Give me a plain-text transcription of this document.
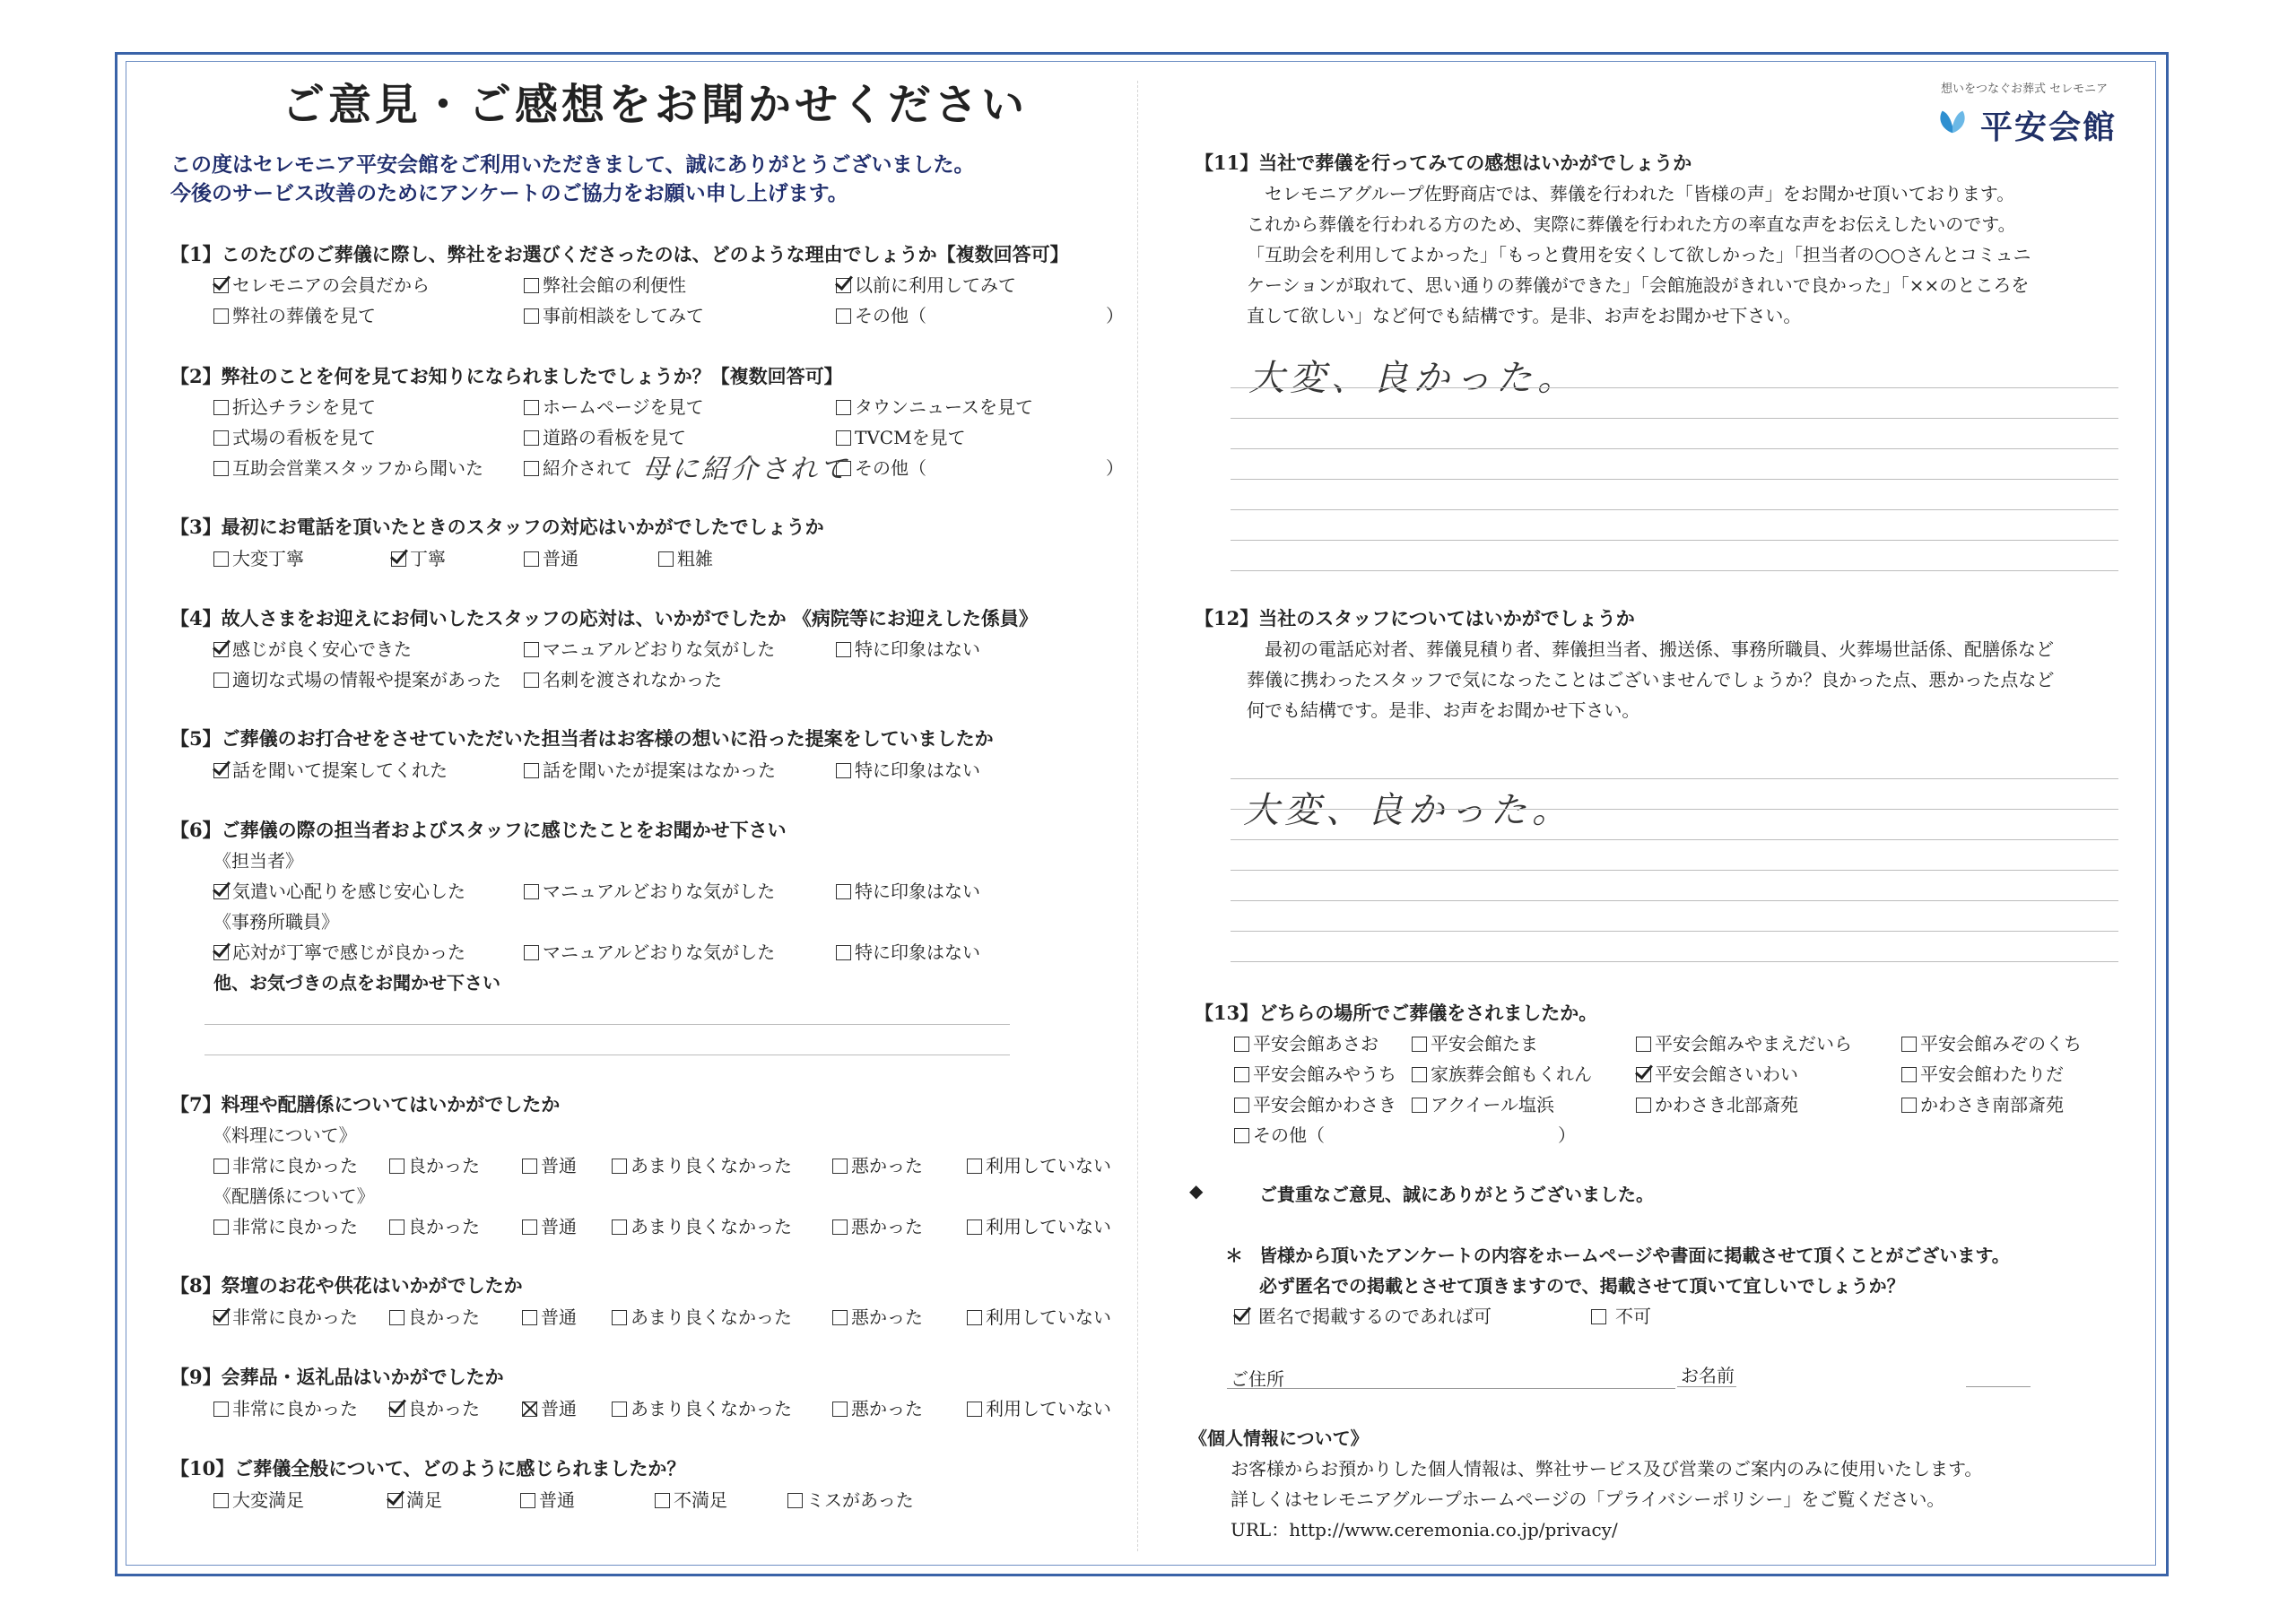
ご意見・ご感想をお聞かせください
この度はセレモニア平安会館をご利用いただきまして、誠にありがとうございました。
今後のサービス改善のためにアンケートのご協力をお願い申し上げます。
想いをつなぐお葬式 セレモニア
平安会館
【1】このたびのご葬儀に際し、弊社をお選びくださったのは、どのような理由でしょうか【複数回答可】
セレモニアの会員だから	弊社会館の利便性	以前に利用してみて
弊社の葬儀を見て	事前相談をしてみて	その他（　　　　　　　　　　）
【2】弊社のことを何を見てお知りになられましたでしょうか？【複数回答可】
折込チラシを見て	ホームページを見て	タウンニュースを見て
式場の看板を見て	道路の看板を見て	TVCMを見て
互助会営業スタッフから聞いた	紹介されて 母に紹介されて その他（　　　　　　　　　　）
【3】最初にお電話を頂いたときのスタッフの対応はいかがでしたでしょうか
大変丁寧	丁寧	普通	粗雑
【4】故人さまをお迎えにお伺いしたスタッフの応対は、いかがでしたか 《病院等にお迎えした係員》
感じが良く安心できた	マニュアルどおりな気がした	特に印象はない
適切な式場の情報や提案があった	名刺を渡されなかった
【5】ご葬儀のお打合せをさせていただいた担当者はお客様の想いに沿った提案をしていましたか
話を聞いて提案してくれた	話を聞いたが提案はなかった	特に印象はない
【6】ご葬儀の際の担当者およびスタッフに感じたことをお聞かせ下さい
《担当者》
気遣い心配りを感じ安心した	マニュアルどおりな気がした	特に印象はない
《事務所職員》
応対が丁寧で感じが良かった	マニュアルどおりな気がした	特に印象はない
他、お気づきの点をお聞かせ下さい
【7】料理や配膳係についてはいかがでしたか
《料理について》
非常に良かった	良かった	普通	あまり良くなかった	悪かった	利用していない
《配膳係について》
非常に良かった	良かった	普通	あまり良くなかった	悪かった	利用していない
【8】祭壇のお花や供花はいかがでしたか
非常に良かった	良かった	普通	あまり良くなかった	悪かった	利用していない
【9】会葬品・返礼品はいかがでしたか
非常に良かった	良かった	普通	あまり良くなかった	悪かった	利用していない
【10】ご葬儀全般について、どのように感じられましたか？
大変満足	満足	普通	不満足	ミスがあった
【11】当社で葬儀を行ってみての感想はいかがでしょうか
セレモニアグループ佐野商店では、葬儀を行われた「皆様の声」をお聞かせ頂いております。
これから葬儀を行われる方のため、実際に葬儀を行われた方の率直な声をお伝えしたいのです。
「互助会を利用してよかった」「もっと費用を安くして欲しかった」「担当者の○○さんとコミュニ
ケーションが取れて、思い通りの葬儀ができた」「会館施設がきれいで良かった」「××のところを
直して欲しい」など何でも結構です。是非、お声をお聞かせ下さい。
大変、良かった。
【12】当社のスタッフについてはいかがでしょうか
最初の電話応対者、葬儀見積り者、葬儀担当者、搬送係、事務所職員、火葬場世話係、配膳係など
葬儀に携わったスタッフで気になったことはございませんでしょうか？良かった点、悪かった点など
何でも結構です。是非、お声をお聞かせ下さい。
大変、良かった。
【13】どちらの場所でご葬儀をされましたか。
平安会館あさお	平安会館たま	平安会館みやまえだいら	平安会館みぞのくち
平安会館みやうち	家族葬会館もくれん	平安会館さいわい	平安会館わたりだ
平安会館かわさき	アクイール塩浜	かわさき北部斎苑	かわさき南部斎苑
その他（　　　　　　　　　　　　　）
◆	ご貴重なご意見、誠にありがとうございました。
＊ 皆様から頂いたアンケートの内容をホームページや書面に掲載させて頂くことがございます。
必ず匿名での掲載とさせて頂きますので、掲載させて頂いて宜しいでしょうか？
匿名で掲載するのであれば可	不可
ご住所	お名前
《個人情報について》
お客様からお預かりした個人情報は、弊社サービス及び営業のご案内のみに使用いたします。
詳しくはセレモニアグループホームページの「プライバシーポリシー」をご覧ください。
URL：http://www.ceremonia.co.jp/privacy/
